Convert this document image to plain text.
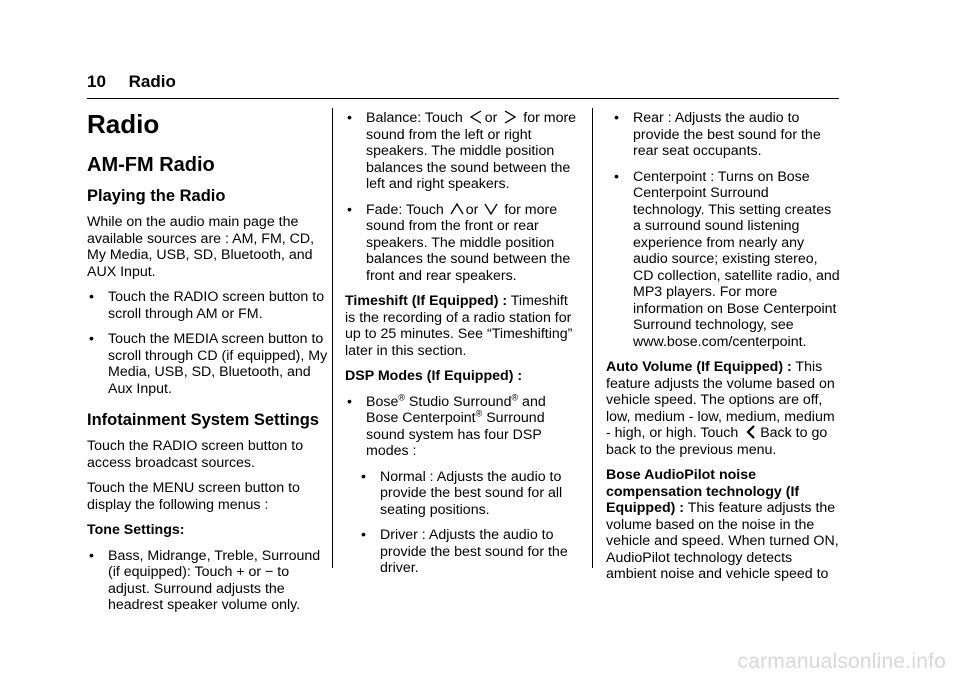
10 Radio
Radio
AM-FM Radio
Playing the Radio

While on the audio main page the available sources are : AM, FM, CD, My Media, USB, SD, Bluetooth, and AUX Input.

• Touch the RADIO screen button to scroll through AM or FM.
• Touch the MEDIA screen button to scroll through CD (if equipped), My Media, USB, SD, Bluetooth, and Aux Input.
Infotainment System Settings

Touch the RADIO screen button to access broadcast sources.

Touch the MENU screen button to display the following menus :

Tone Settings:

• Bass, Midrange, Treble, Surround (if equipped): Touch + or − to adjust. Surround adjusts the headrest speaker volume only.
• Balance: Touch or for more sound from the left or right speakers. The middle position balances the sound between the left and right speakers.
• Fade: Touch or for more sound from the front or rear speakers. The middle position balances the sound between the front and rear speakers.

Timeshift (If Equipped) : Timeshift is the recording of a radio station for up to 25 minutes. See “Timeshifting” later in this section.

DSP Modes (If Equipped) :

• Bose® Studio Surround® and Bose Centerpoint® Surround sound system has four DSP modes :
• Normal : Adjusts the audio to provide the best sound for all seating positions.
• Driver : Adjusts the audio to provide the best sound for the driver.
• Rear : Adjusts the audio to provide the best sound for the rear seat occupants.
• Centerpoint : Turns on Bose Centerpoint Surround technology. This setting creates a surround sound listening experience from nearly any audio source; existing stereo, CD collection, satellite radio, and MP3 players. For more information on Bose Centerpoint Surround technology, see www.bose.com/centerpoint.

Auto Volume (If Equipped) : This feature adjusts the volume based on vehicle speed. The options are off, low, medium - low, medium, medium - high, or high. Touch Back to go back to the previous menu.

Bose AudioPilot noise compensation technology (If Equipped) : This feature adjusts the volume based on the noise in the vehicle and speed. When turned ON, AudioPilot technology detects ambient noise and vehicle speed to

carmanualsonline.info
